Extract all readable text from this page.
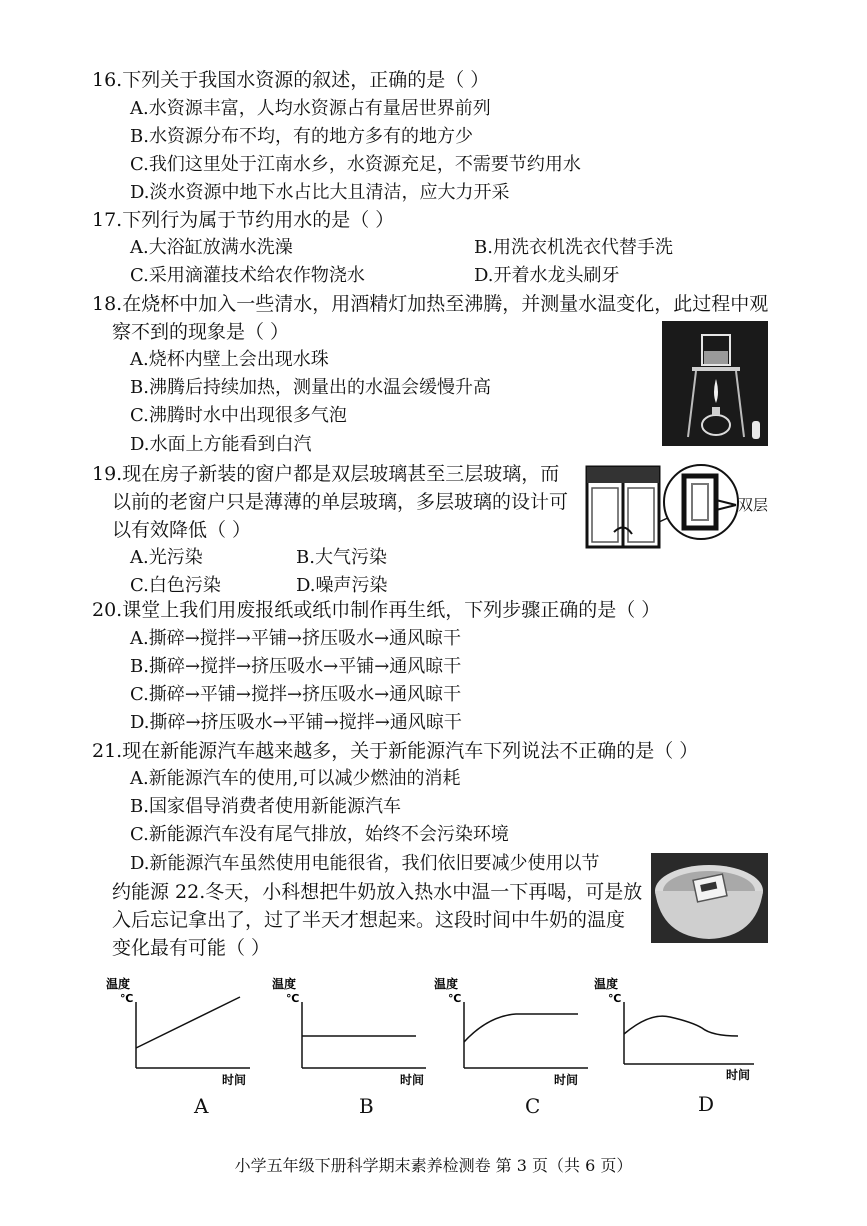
16.下列关于我国水资源的叙述，正确的是（ ）
A.水资源丰富，人均水资源占有量居世界前列
B.水资源分布不均，有的地方多有的地方少
C.我们这里处于江南水乡，水资源充足，不需要节约用水
D.淡水资源中地下水占比大且清洁，应大力开采
17.下列行为属于节约用水的是（ ）
A.大浴缸放满水洗澡	B.用洗衣机洗衣代替手洗
C.采用滴灌技术给农作物浇水	D.开着水龙头刷牙
18.在烧杯中加入一些清水，用酒精灯加热至沸腾，并测量水温变化，此过程中观
察不到的现象是（ ）
A.烧杯内壁上会出现水珠
B.沸腾后持续加热，测量出的水温会缓慢升高
C.沸腾时水中出现很多气泡
D.水面上方能看到白汽
19.现在房子新装的窗户都是双层玻璃甚至三层玻璃，而
以前的老窗户只是薄薄的单层玻璃，多层玻璃的设计可
以有效降低（ ）
A.光污染	B.大气污染
C.白色污染	D.噪声污染
双层
20.课堂上我们用废报纸或纸巾制作再生纸，下列步骤正确的是（ ）
A.撕碎→搅拌→平铺→挤压吸水→通风晾干
B.撕碎→搅拌→挤压吸水→平铺→通风晾干
C.撕碎→平铺→搅拌→挤压吸水→通风晾干
D.撕碎→挤压吸水→平铺→搅拌→通风晾干
21.现在新能源汽车越来越多，关于新能源汽车下列说法不正确的是（ ）
A.新能源汽车的使用,可以减少燃油的消耗
B.国家倡导消费者使用新能源汽车
C.新能源汽车没有尾气排放，始终不会污染环境
D.新能源汽车虽然使用电能很省，我们依旧要减少使用以节
约能源 22.冬天，小科想把牛奶放入热水中温一下再喝，可是放
入后忘记拿出了，过了半天才想起来。这段时间中牛奶的温度
变化最有可能（ ）
温度
℃
时间
A
温度
℃
时间
B
温度
℃
时间
C
温度
℃
时间
D
小学五年级下册科学期末素养检测卷 第 3 页（共 6 页）
